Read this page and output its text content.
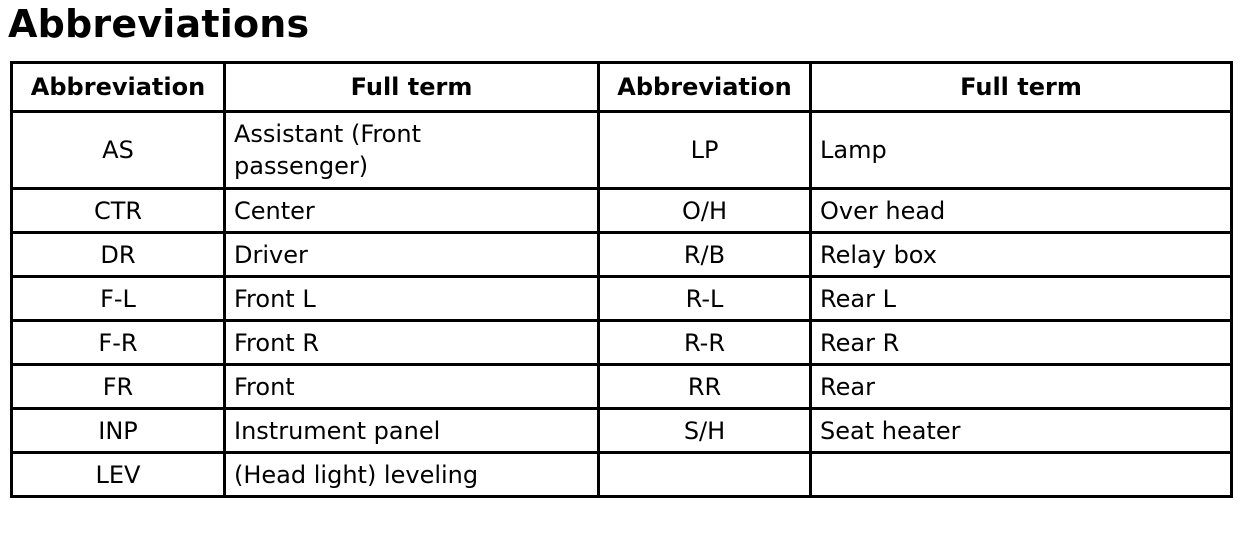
Abbreviations
Abbreviation	Full term	Abbreviation	Full term
AS	Assistant (Front passenger)	LP	Lamp
CTR	Center	O/H	Over head
DR	Driver	R/B	Relay box
F-L	Front L	R-L	Rear L
F-R	Front R	R-R	Rear R
FR	Front	RR	Rear
INP	Instrument panel	S/H	Seat heater
LEV	(Head light) leveling		
